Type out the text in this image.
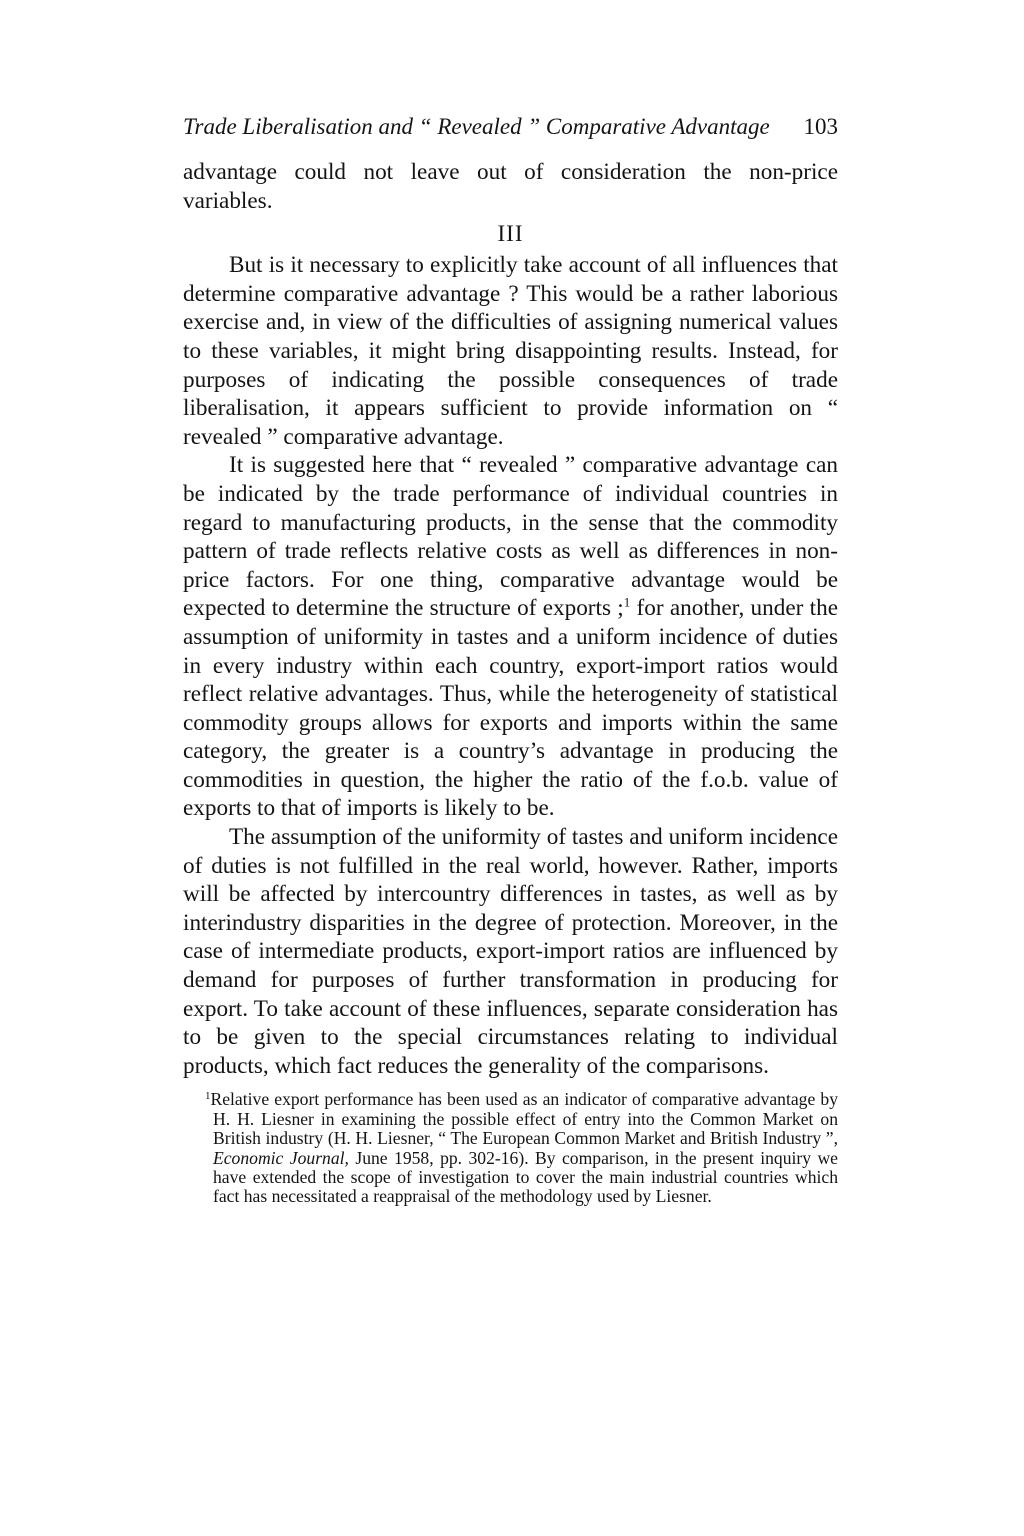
Trade Liberalisation and “ Revealed ” Comparative Advantage 103

advantage could not leave out of consideration the non-price variables.

III

But is it necessary to explicitly take account of all influences that determine comparative advantage ? This would be a rather laborious exercise and, in view of the difficulties of assigning numerical values to these variables, it might bring disappointing results. Instead, for purposes of indicating the possible consequences of trade liberalisation, it appears sufficient to provide information on “ revealed ” comparative advantage.

It is suggested here that “ revealed ” comparative advantage can be indicated by the trade performance of individual countries in regard to manufacturing products, in the sense that the commodity pattern of trade reflects relative costs as well as differences in non-price factors. For one thing, comparative advantage would be expected to determine the structure of exports ;$^1$ for another, under the assumption of uniformity in tastes and a uniform incidence of duties in every industry within each country, export-import ratios would reflect relative advantages. Thus, while the heterogeneity of statistical commodity groups allows for exports and imports within the same category, the greater is a country’s advantage in producing the commodities in question, the higher the ratio of the f.o.b. value of exports to that of imports is likely to be.

The assumption of the uniformity of tastes and uniform incidence of duties is not fulfilled in the real world, however. Rather, imports will be affected by intercountry differences in tastes, as well as by interindustry disparities in the degree of protection. Moreover, in the case of intermediate products, export-import ratios are influenced by demand for purposes of further transformation in producing for export. To take account of these influences, separate consideration has to be given to the special circumstances relating to individual products, which fact reduces the generality of the comparisons.

$^1$Relative export performance has been used as an indicator of comparative advantage by H. H. Liesner in examining the possible effect of entry into the Common Market on British industry (H. H. Liesner, “ The European Common Market and British Industry ”, Economic Journal, June 1958, pp. 302-16). By comparison, in the present inquiry we have extended the scope of investigation to cover the main industrial countries which fact has necessitated a reappraisal of the methodology used by Liesner.
